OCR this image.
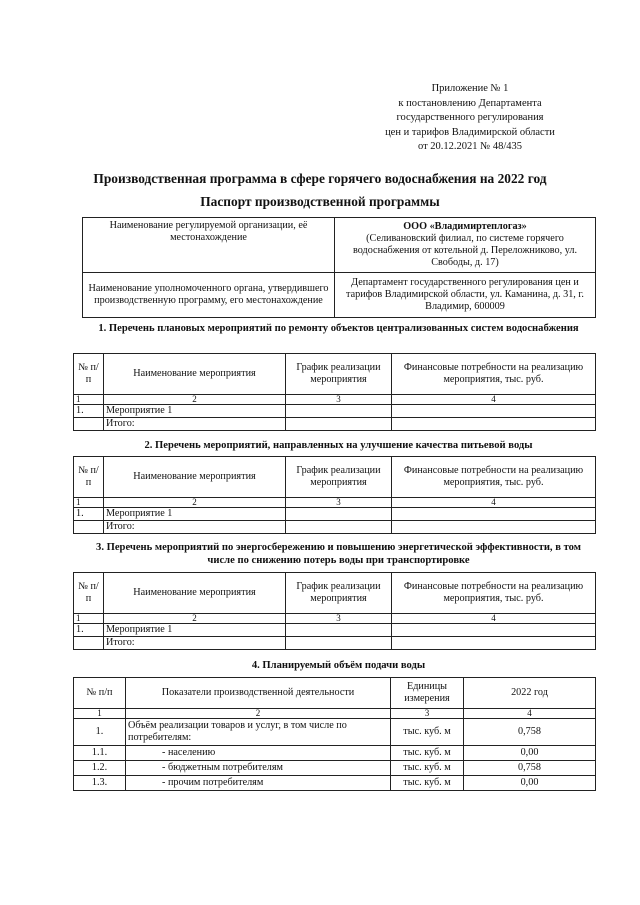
Приложение № 1
к постановлению Департамента
государственного регулирования
цен и тарифов Владимирской области
от 20.12.2021 № 48/435
Производственная программа в сфере горячего водоснабжения на 2022 год
Паспорт производственной программы
Наименование регулируемой организации, её местонахождение	ООО «Владимиртеплогаз»
(Селивановский филиал, по системе горячего водоснабжения от котельной д. Переложниково, ул. Свободы, д. 17)

Наименование уполномоченного органа, утвердившего производственную программу, его местонахождение	Департамент государственного регулирования цен и тарифов Владимирской области, ул. Каманина, д. 31, г. Владимир, 600009
1. Перечень плановых мероприятий по ремонту объектов централизованных систем водоснабжения
№ п/п	Наименование мероприятия	График реализации мероприятия	Финансовые потребности на реализацию мероприятия, тыс. руб.
1	2	3	4
1.	Мероприятие 1		
	Итого:		
2. Перечень мероприятий, направленных на улучшение качества питьевой воды
№ п/п	Наименование мероприятия	График реализации мероприятия	Финансовые потребности на реализацию мероприятия, тыс. руб.
1	2	3	4
1.	Мероприятие 1		
	Итого:		
3. Перечень мероприятий по энергосбережению и повышению энергетической эффективности, в том числе по снижению потерь воды при транспортировке
№ п/п	Наименование мероприятия	График реализации мероприятия	Финансовые потребности на реализацию мероприятия, тыс. руб.
1	2	3	4
1.	Мероприятие 1		
	Итого:		
4. Планируемый объём подачи воды
№ п/п	Показатели производственной деятельности	Единицы измерения	2022 год
1	2	3	4
1.	Объём реализации товаров и услуг, в том числе по потребителям:	тыс. куб. м	0,758
1.1.	- населению	тыс. куб. м	0,00
1.2.	- бюджетным потребителям	тыс. куб. м	0,758
1.3.	- прочим потребителям	тыс. куб. м	0,00
